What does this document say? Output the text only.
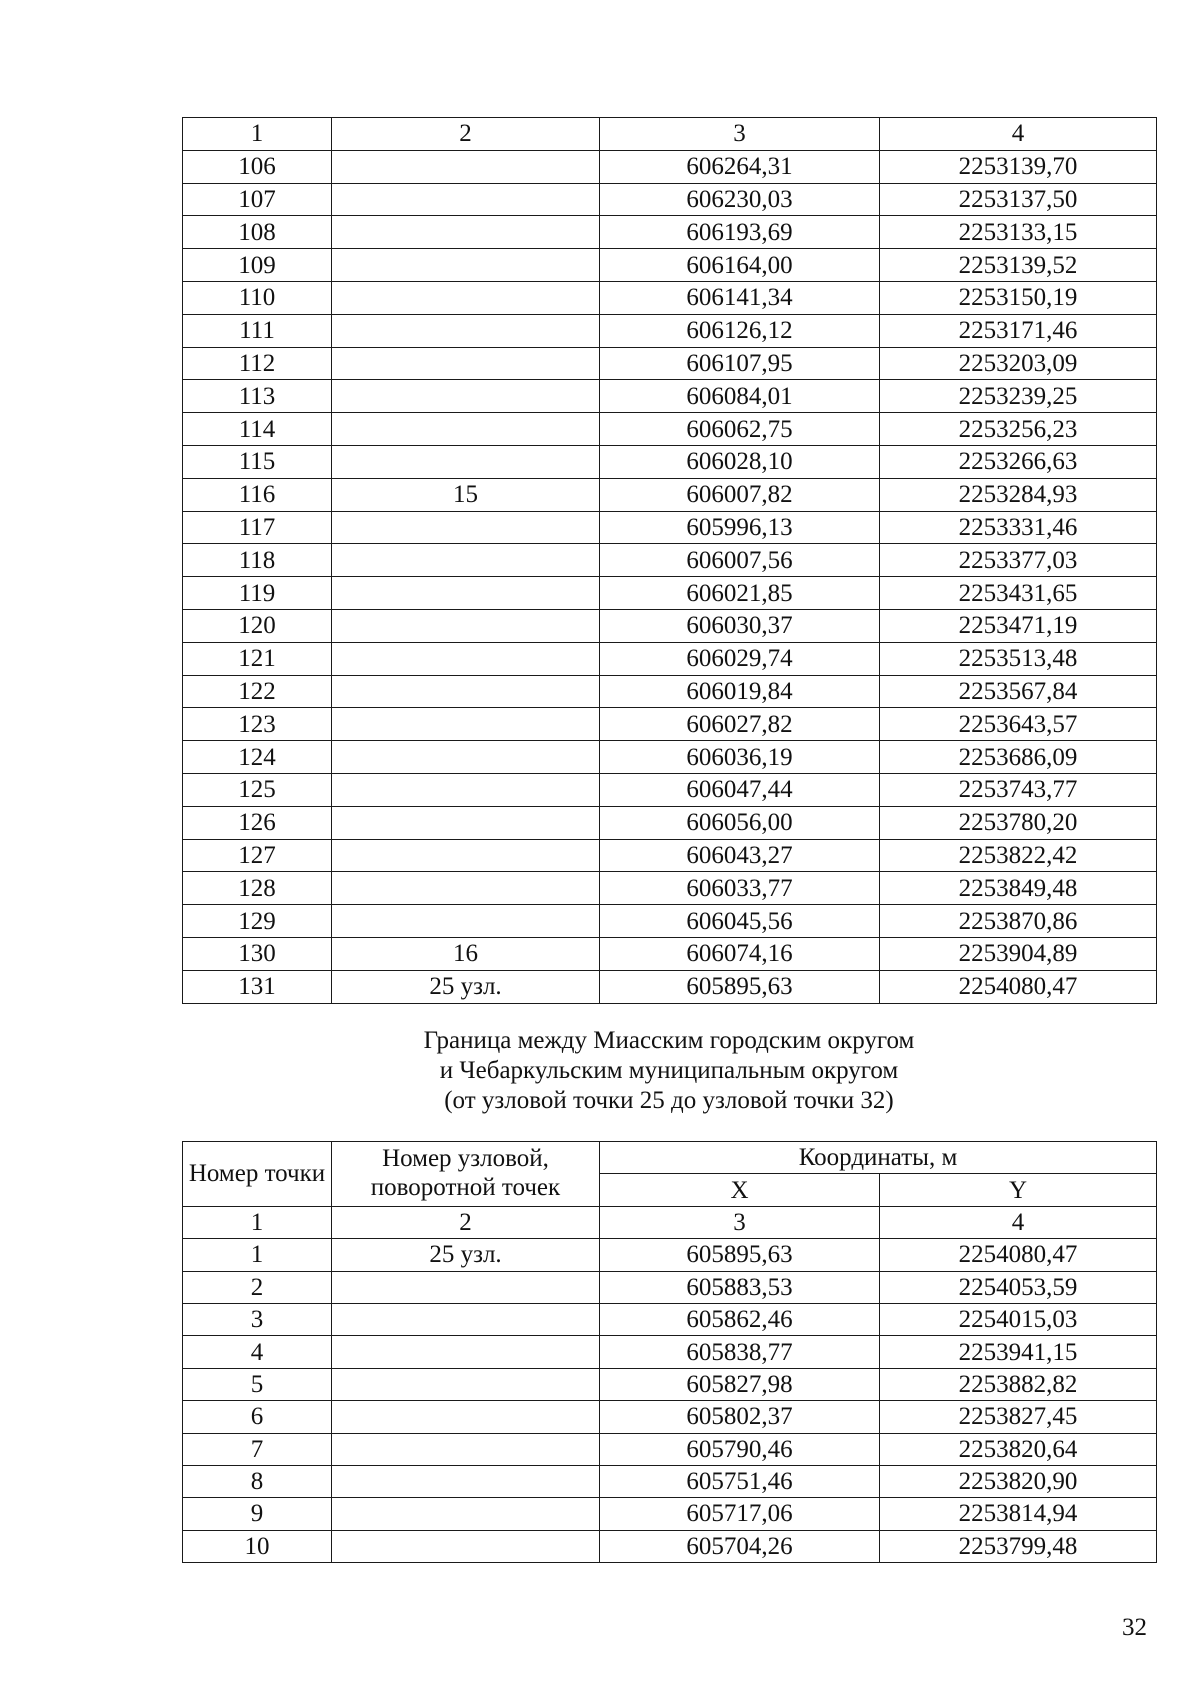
1	2	3	4
106		606264,31	2253139,70
107		606230,03	2253137,50
108		606193,69	2253133,15
109		606164,00	2253139,52
110		606141,34	2253150,19
111		606126,12	2253171,46
112		606107,95	2253203,09
113		606084,01	2253239,25
114		606062,75	2253256,23
115		606028,10	2253266,63
116	15	606007,82	2253284,93
117		605996,13	2253331,46
118		606007,56	2253377,03
119		606021,85	2253431,65
120		606030,37	2253471,19
121		606029,74	2253513,48
122		606019,84	2253567,84
123		606027,82	2253643,57
124		606036,19	2253686,09
125		606047,44	2253743,77
126		606056,00	2253780,20
127		606043,27	2253822,42
128		606033,77	2253849,48
129		606045,56	2253870,86
130	16	606074,16	2253904,89
131	25 узл.	605895,63	2254080,47
Граница между Миасским городским округом
и Чебаркульским муниципальным округом
(от узловой точки 25 до узловой точки 32)
Номер точки	Номер узловой, поворотной точек	Координаты, м	
		X	Y
1	2	3	4
1	25 узл.	605895,63	2254080,47
2		605883,53	2254053,59
3		605862,46	2254015,03
4		605838,77	2253941,15
5		605827,98	2253882,82
6		605802,37	2253827,45
7		605790,46	2253820,64
8		605751,46	2253820,90
9		605717,06	2253814,94
10		605704,26	2253799,48
32
